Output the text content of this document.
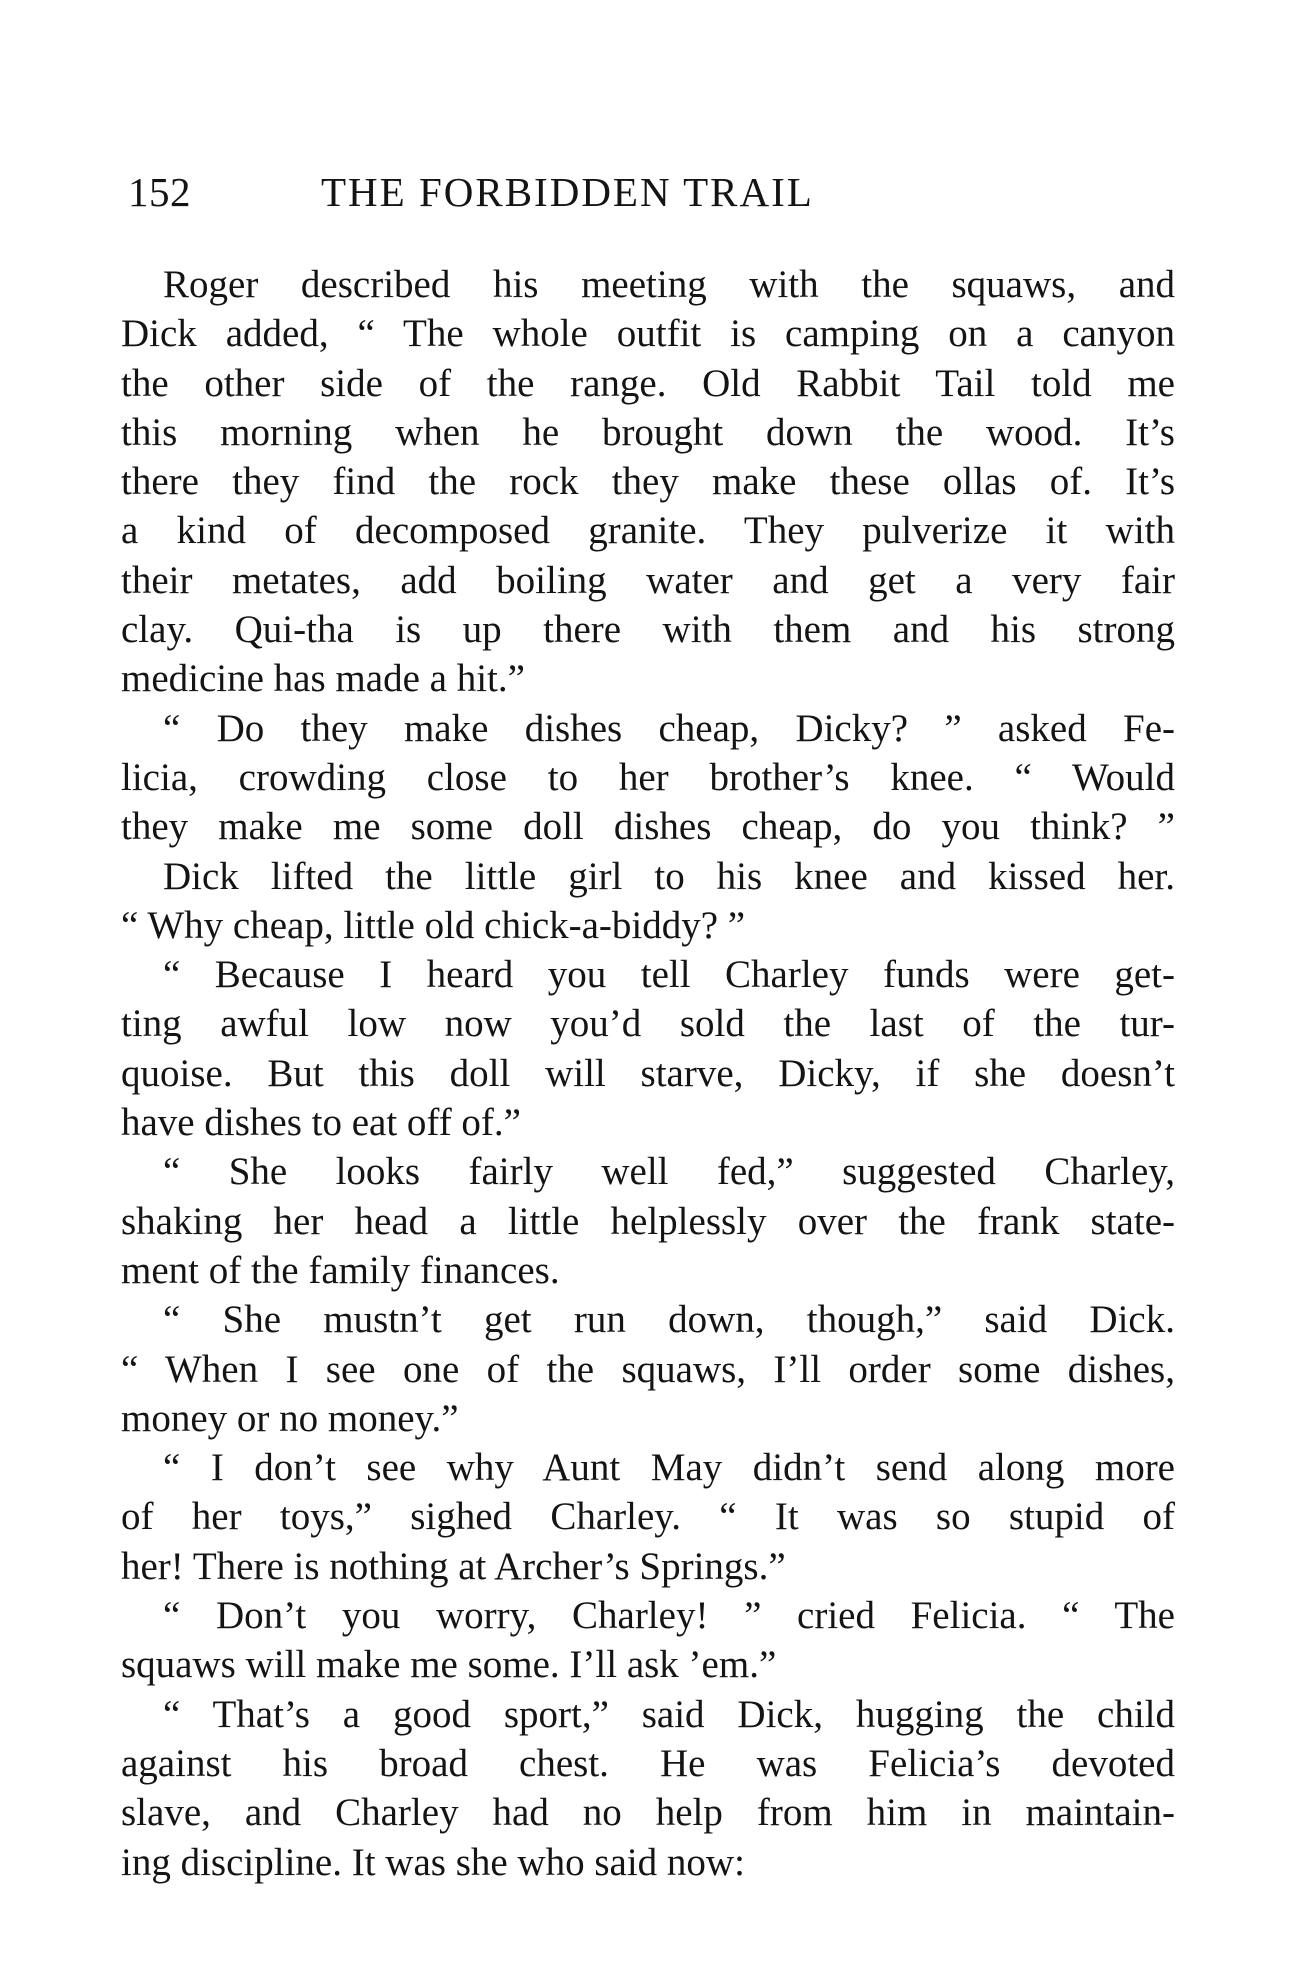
152	THE FORBIDDEN TRAIL
Roger described his meeting with the squaws, and
Dick added, “ The whole outfit is camping on a canyon
the other side of the range. Old Rabbit Tail told me
this morning when he brought down the wood. It’s
there they find the rock they make these ollas of. It’s
a kind of decomposed granite. They pulverize it with
their metates, add boiling water and get a very fair
clay. Qui-tha is up there with them and his strong
medicine has made a hit.”
“ Do they make dishes cheap, Dicky? ” asked Fe-
licia, crowding close to her brother’s knee. “ Would
they make me some doll dishes cheap, do you think? ”
Dick lifted the little girl to his knee and kissed her.
“ Why cheap, little old chick-a-biddy? ”
“ Because I heard you tell Charley funds were get-
ting awful low now you’d sold the last of the tur-
quoise. But this doll will starve, Dicky, if she doesn’t
have dishes to eat off of.”
“ She looks fairly well fed,” suggested Charley,
shaking her head a little helplessly over the frank state-
ment of the family finances.
“ She mustn’t get run down, though,” said Dick.
“ When I see one of the squaws, I’ll order some dishes,
money or no money.”
“ I don’t see why Aunt May didn’t send along more
of her toys,” sighed Charley. “ It was so stupid of
her! There is nothing at Archer’s Springs.”
“ Don’t you worry, Charley! ” cried Felicia. “ The
squaws will make me some. I’ll ask ’em.”
“ That’s a good sport,” said Dick, hugging the child
against his broad chest. He was Felicia’s devoted
slave, and Charley had no help from him in maintain-
ing discipline. It was she who said now:
